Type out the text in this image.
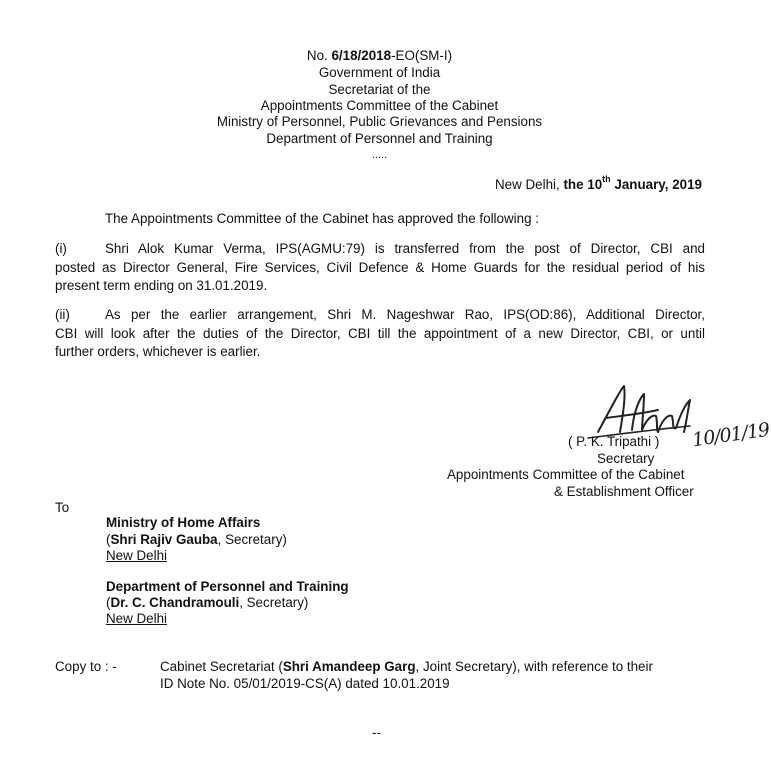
No. 6/18/2018-EO(SM-I)
Government of India
Secretariat of the
Appointments Committee of the Cabinet
Ministry of Personnel, Public Grievances and Pensions
Department of Personnel and Training
.....
New Delhi, the 10th January, 2019
The Appointments Committee of the Cabinet has approved the following :
(i)	Shri Alok Kumar Verma, IPS(AGMU:79) is transferred from the post of Director, CBI and
posted as Director General, Fire Services, Civil Defence & Home Guards for the residual period of his
present term ending on 31.01.2019.
(ii)	As per the earlier arrangement, Shri M. Nageshwar Rao, IPS(OD:86), Additional Director,
CBI will look after the duties of the Director, CBI till the appointment of a new Director, CBI, or until
further orders, whichever is earlier.
10/01/19
( P. K. Tripathi )
Secretary
Appointments Committee of the Cabinet
& Establishment Officer
To
Ministry of Home Affairs
(Shri Rajiv Gauba, Secretary)
New Delhi
Department of Personnel and Training
(Dr. C. Chandramouli, Secretary)
New Delhi
Copy to : -	Cabinet Secretariat (Shri Amandeep Garg, Joint Secretary), with reference to their
ID Note No. 05/01/2019-CS(A) dated 10.01.2019
--
